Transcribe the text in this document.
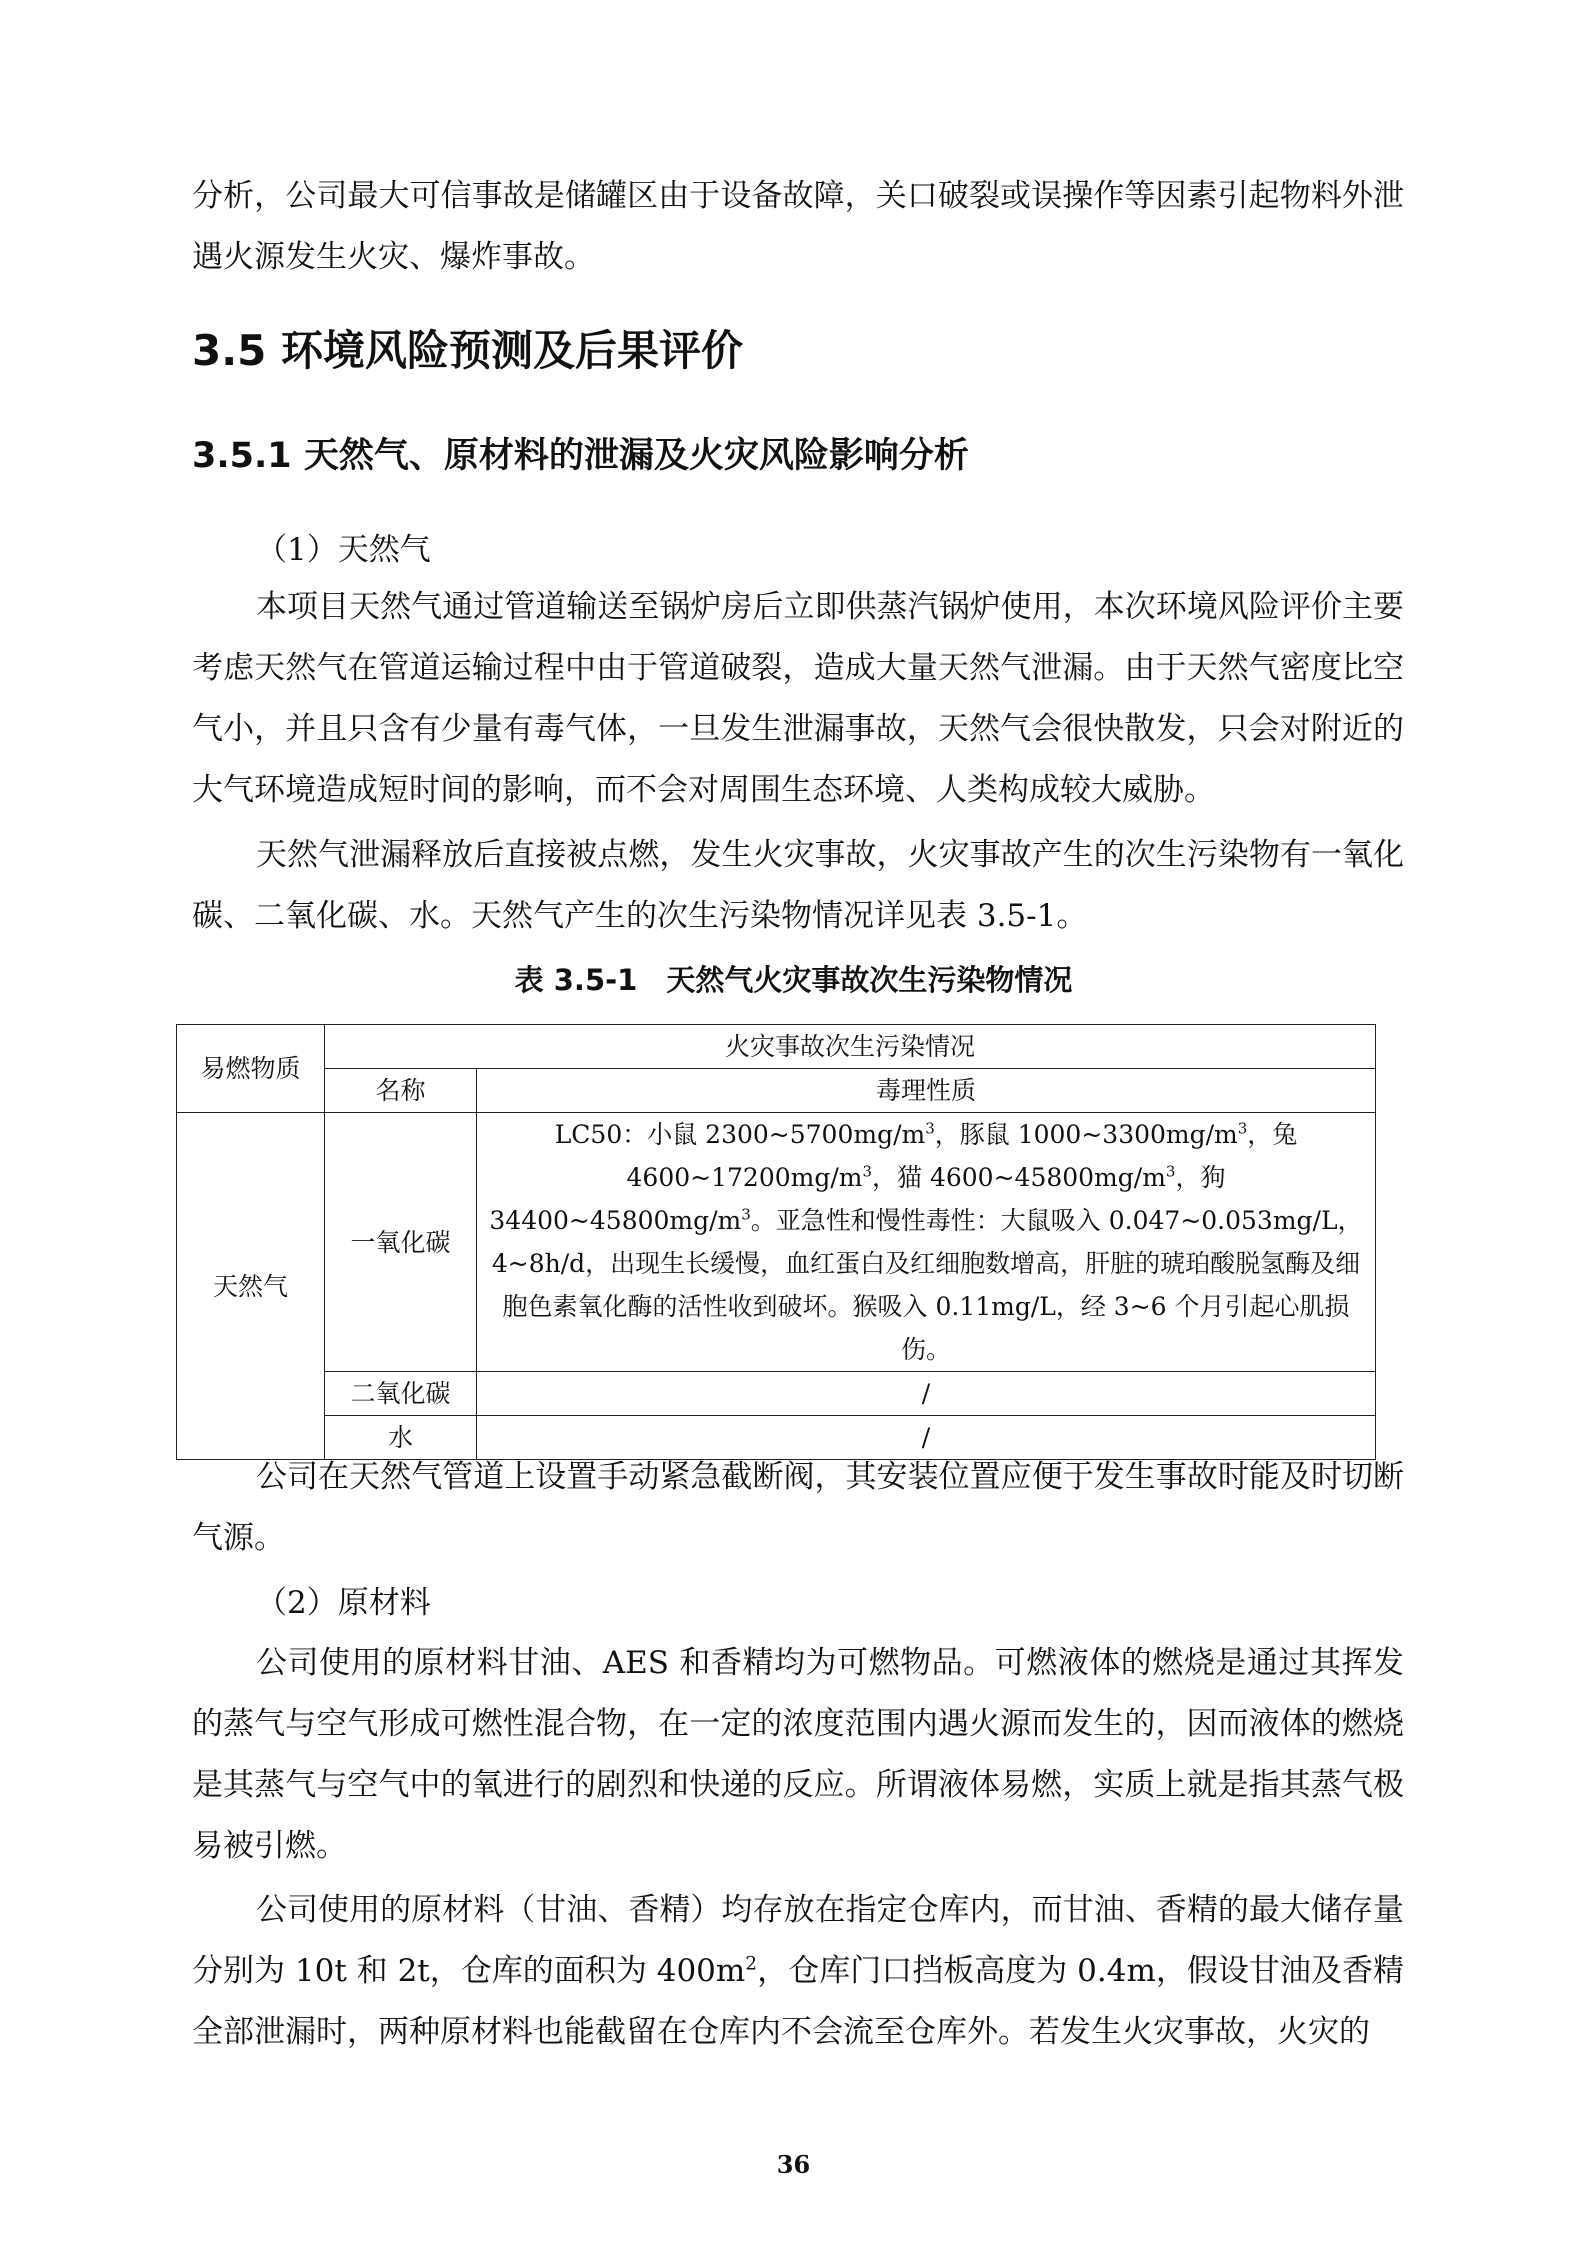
分析，公司最大可信事故是储罐区由于设备故障，关口破裂或误操作等因素引起物料外泄遇火源发生火灾、爆炸事故。

3.5 环境风险预测及后果评价
3.5.1 天然气、原材料的泄漏及火灾风险影响分析

（1）天然气

本项目天然气通过管道输送至锅炉房后立即供蒸汽锅炉使用，本次环境风险评价主要考虑天然气在管道运输过程中由于管道破裂，造成大量天然气泄漏。由于天然气密度比空气小，并且只含有少量有毒气体，一旦发生泄漏事故，天然气会很快散发，只会对附近的大气环境造成短时间的影响，而不会对周围生态环境、人类构成较大威胁。

天然气泄漏释放后直接被点燃，发生火灾事故，火灾事故产生的次生污染物有一氧化碳、二氧化碳、水。天然气产生的次生污染物情况详见表 3.5-1。

表 3.5-1　天然气火灾事故次生污染物情况
易燃物质	火灾事故次生污染情况	
	名称	毒理性质
天然气	一氧化碳	LC50：小鼠 $2300\sim 5700mg/m^3$，豚鼠 $1000\sim 3300mg/m^3$，兔 $4600\sim 17200mg/m^3$，猫 $4600\sim 45800mg/m^3$，狗 $34400\sim 45800mg/m^3$。亚急性和慢性毒性：大鼠吸入 0.047~0.053mg/L，4~8h/d，出现生长缓慢，血红蛋白及红细胞数增高，肝脏的琥珀酸脱氢酶及细胞色素氧化酶的活性收到破坏。猴吸入 0.11mg/L，经 3~6 个月引起心肌损伤。
	二氧化碳	/
	水	/

公司在天然气管道上设置手动紧急截断阀，其安装位置应便于发生事故时能及时切断气源。

（2）原材料

公司使用的原材料甘油、AES 和香精均为可燃物品。可燃液体的燃烧是通过其挥发的蒸气与空气形成可燃性混合物，在一定的浓度范围内遇火源而发生的，因而液体的燃烧是其蒸气与空气中的氧进行的剧烈和快递的反应。所谓液体易燃，实质上就是指其蒸气极易被引燃。

公司使用的原材料（甘油、香精）均存放在指定仓库内，而甘油、香精的最大储存量分别为 10t 和 2t，仓库的面积为 $400m^2$，仓库门口挡板高度为 0.4m，假设甘油及香精全部泄漏时，两种原材料也能截留在仓库内不会流至仓库外。若发生火灾事故，火灾的

36
